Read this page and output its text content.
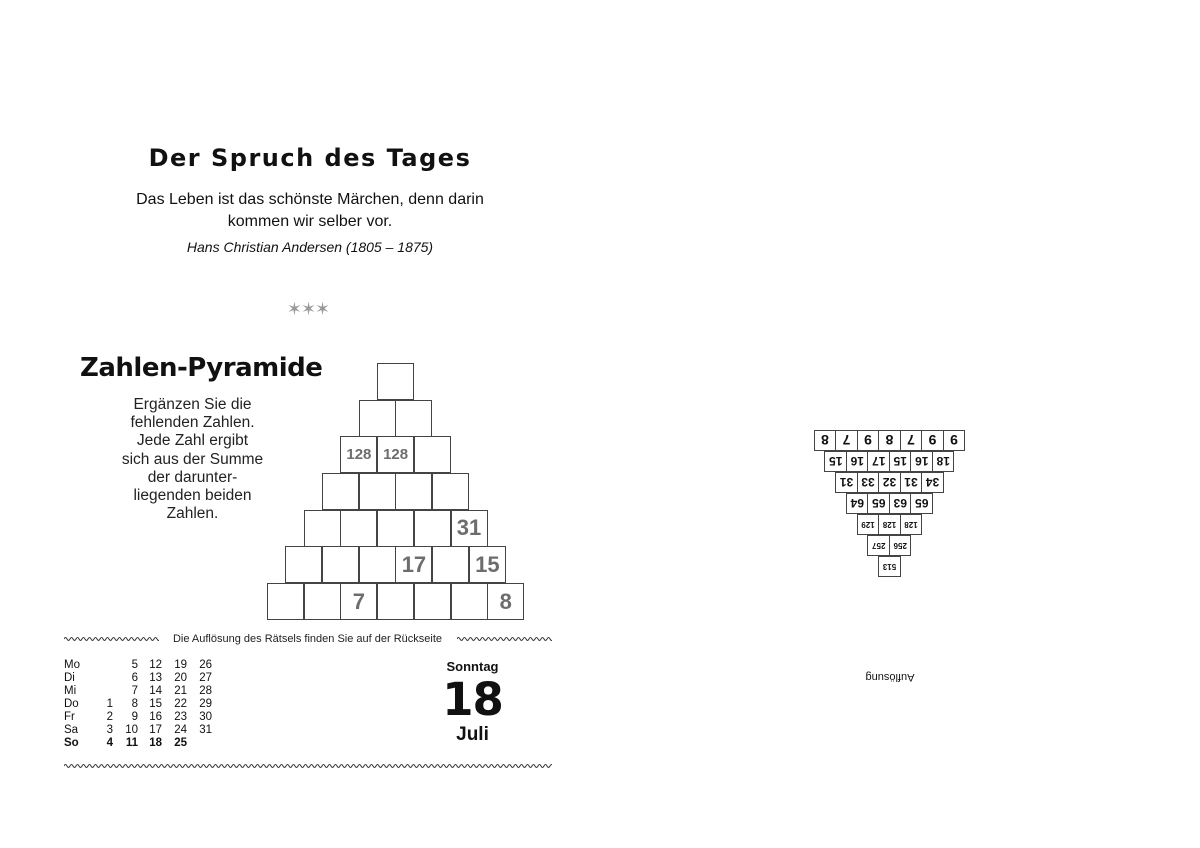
Der Spruch des Tages
Das Leben ist das schönste Märchen, denn darin
kommen wir selber vor.
Hans Christian Andersen (1805 – 1875)
✶✶✶
Zahlen-Pyramide
Ergänzen Sie die
fehlenden Zahlen.
Jede Zahl ergibt
sich aus der Summe
der darunter-
liegenden beiden
Zahlen.
7	8
17 15
31
128 128
Die Auflösung des Rätsels finden Sie auf der Rückseite
Mo
Di
Mi
Do
Fr
Sa
So
1
2
3
4
5
6
7
8
9
10
11
12
13
14
15
16
17
18
19
20
21
22
23
24
25
26
27
28
29
30
31
Sonntag
18
Juli
9
9
7
8
9
7
8
18
16
15
17
16
15
34
31
32
33
31
65
63
65
64
128
128
129
256
257
513
Auflösung
